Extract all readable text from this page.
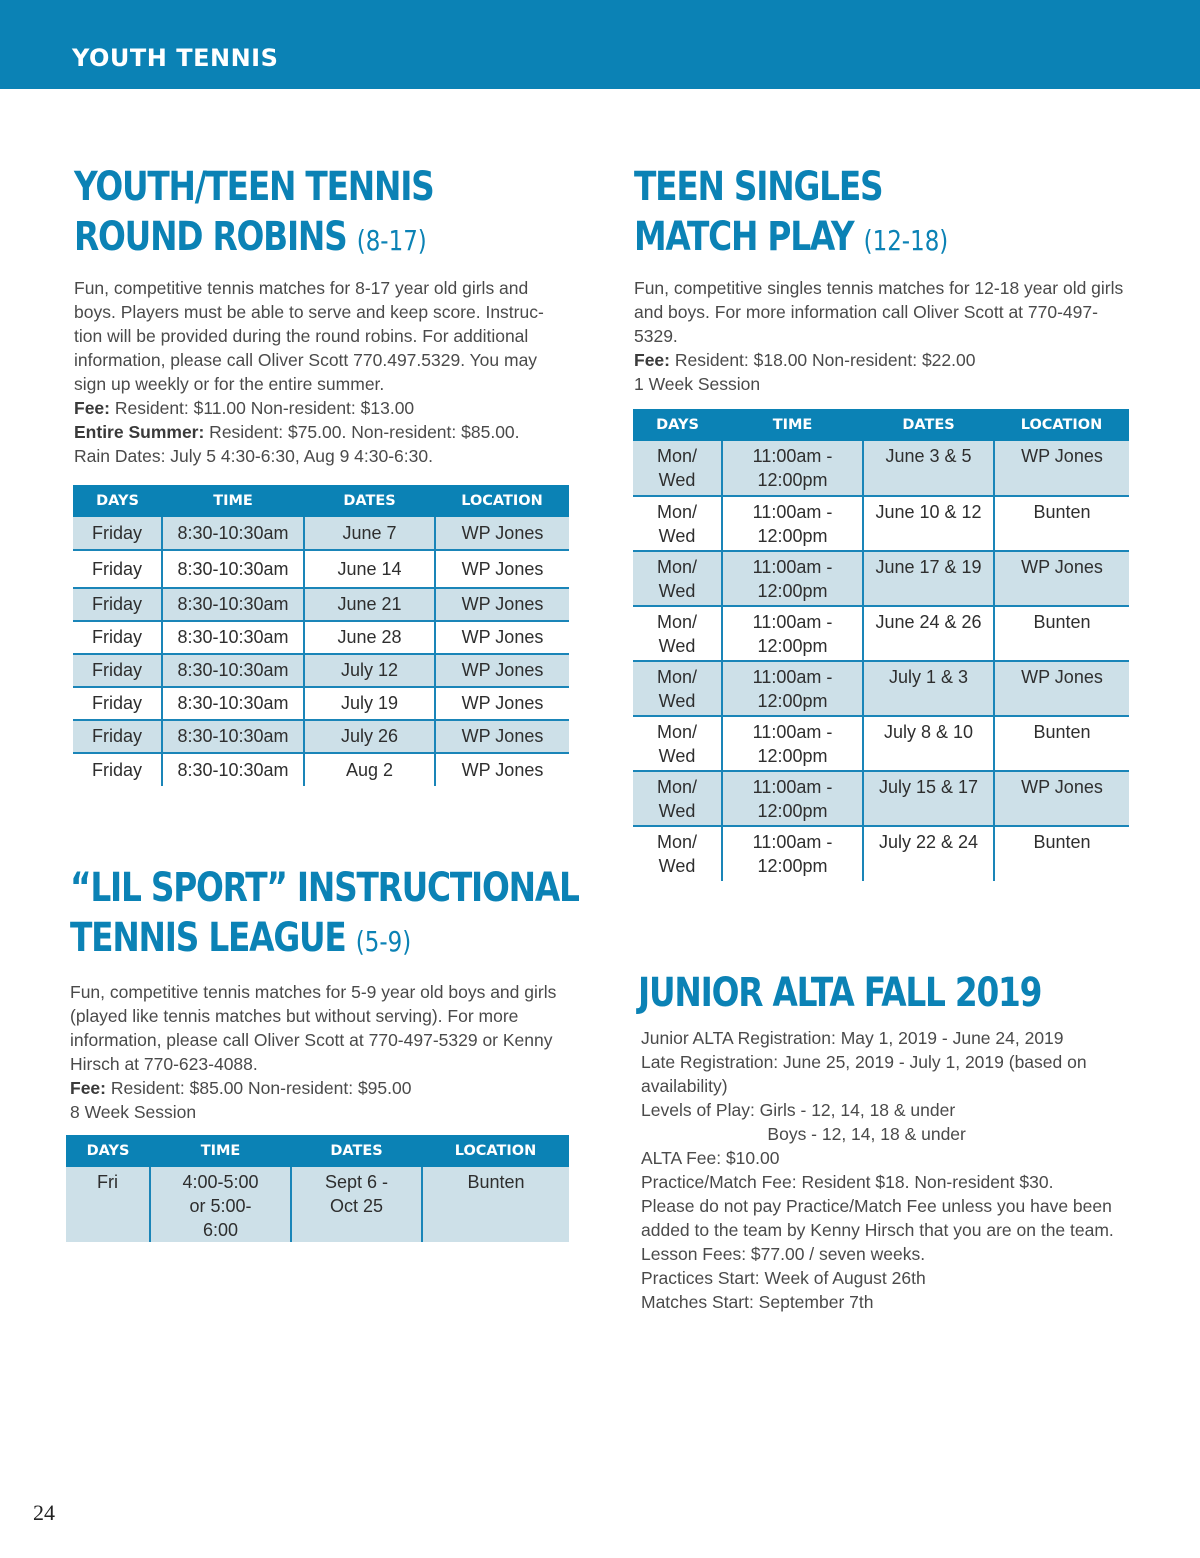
YOUTH TENNIS
YOUTH/TEEN TENNIS
ROUND ROBINS (8-17)

Fun, competitive tennis matches for 8-17 year old girls and boys. Players must be able to serve and keep score. Instruc-tion will be provided during the round robins. For additional information, please call Oliver Scott 770.497.5329. You may sign up weekly or for the entire summer.

Fee: Resident: $11.00 Non-resident: $13.00

Entire Summer: Resident: $75.00. Non-resident: $85.00.

Rain Dates: July 5 4:30-6:30, Aug 9 4:30-6:30.

DAYS	TIME	DATES	LOCATION
Friday	8:30-10:30am	June 7	WP Jones
Friday	8:30-10:30am	June 14	WP Jones
Friday	8:30-10:30am	June 21	WP Jones
Friday	8:30-10:30am	June 28	WP Jones
Friday	8:30-10:30am	July 12	WP Jones
Friday	8:30-10:30am	July 19	WP Jones
Friday	8:30-10:30am	July 26	WP Jones
Friday	8:30-10:30am	Aug 2	WP Jones
“LIL SPORT” INSTRUCTIONAL
TENNIS LEAGUE (5-9)

Fun, competitive tennis matches for 5-9 year old boys and girls (played like tennis matches but without serving). For more information, please call Oliver Scott at 770-497-5329 or Kenny Hirsch at 770-623-4088.

Fee: Resident: $85.00 Non-resident: $95.00

8 Week Session

DAYS	TIME	DATES	LOCATION
Fri	4:00-5:00 or 5:00-6:00	Sept 6 - Oct 25	Bunten
TEEN SINGLES
MATCH PLAY (12-18)

Fun, competitive singles tennis matches for 12-18 year old girls and boys. For more information call Oliver Scott at 770-497-5329.

Fee: Resident: $18.00 Non-resident: $22.00

1 Week Session

DAYS	TIME	DATES	LOCATION
Mon/ Wed	11:00am - 12:00pm	June 3 & 5	WP Jones
Mon/ Wed	11:00am - 12:00pm	June 10 & 12	Bunten
Mon/ Wed	11:00am - 12:00pm	June 17 & 19	WP Jones
Mon/ Wed	11:00am - 12:00pm	June 24 & 26	Bunten
Mon/ Wed	11:00am - 12:00pm	July 1 & 3	WP Jones
Mon/ Wed	11:00am - 12:00pm	July 8 & 10	Bunten
Mon/ Wed	11:00am - 12:00pm	July 15 & 17	WP Jones
Mon/ Wed	11:00am - 12:00pm	July 22 & 24	Bunten
JUNIOR ALTA FALL 2019
Junior ALTA Registration: May 1, 2019 - June 24, 2019
Late Registration: June 25, 2019 - July 1, 2019 (based on
availability)
Levels of Play: Girls - 12, 14, 18 & under
Boys - 12, 14, 18 & under
ALTA Fee: $10.00
Practice/Match Fee: Resident $18. Non-resident $30.
Please do not pay Practice/Match Fee unless you have been
added to the team by Kenny Hirsch that you are on the team.
Lesson Fees: $77.00 / seven weeks.
Practices Start: Week of August 26th
Matches Start: September 7th
24
